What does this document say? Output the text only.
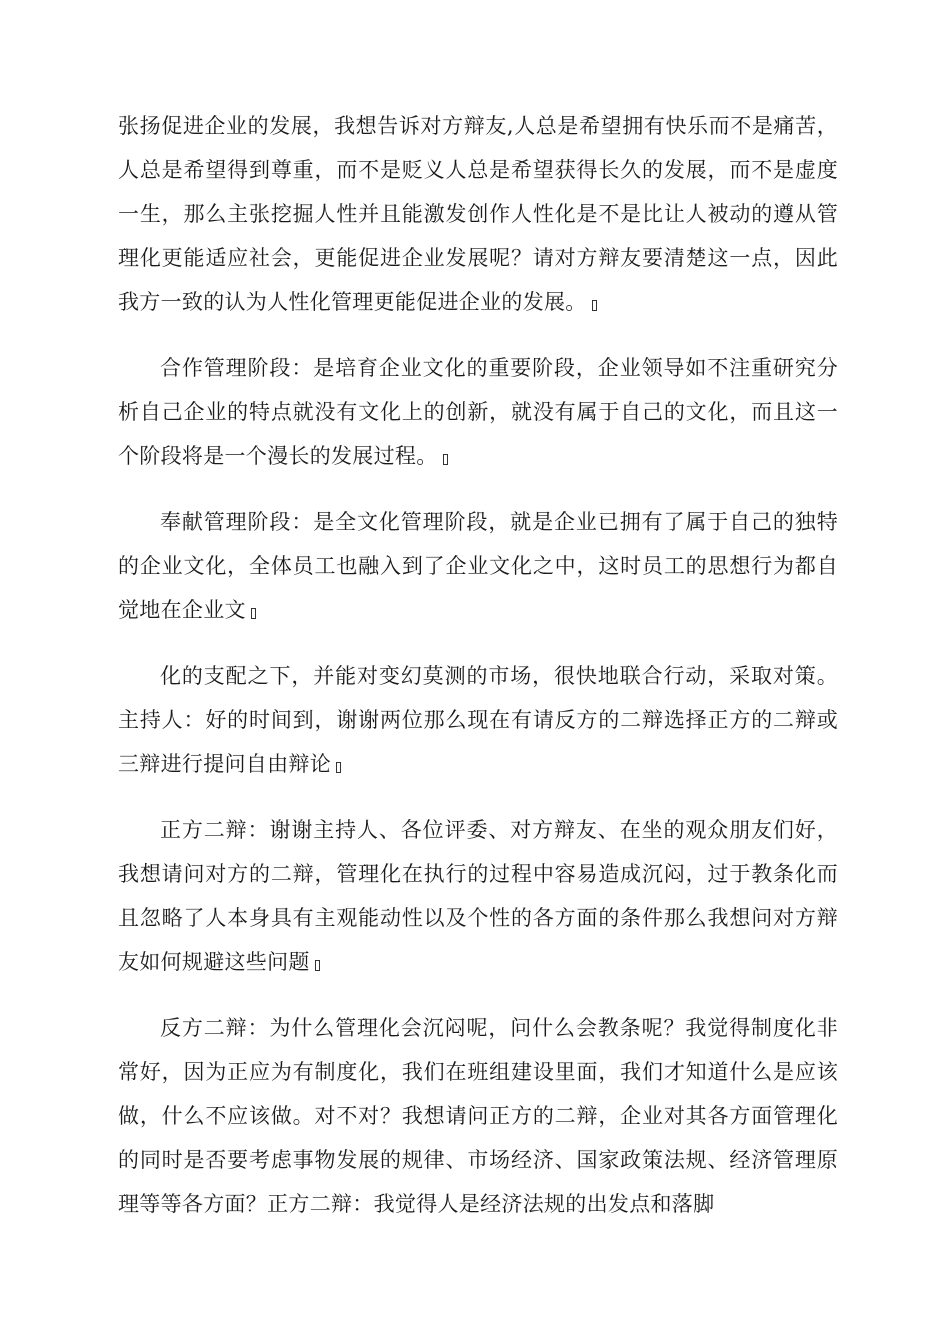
张扬促进企业的发展，我想告诉对方辩友,人总是希望拥有快乐而不是痛苦，人总是希望得到尊重，而不是贬义人总是希望获得长久的发展，而不是虚度一生，那么主张挖掘人性并且能激发创作人性化是不是比让人被动的遵从管理化更能适应社会，更能促进企业发展呢？请对方辩友要清楚这一点，因此我方一致的认为人性化管理更能促进企业的发展。

合作管理阶段：是培育企业文化的重要阶段，企业领导如不注重研究分析自己企业的特点就没有文化上的创新，就没有属于自己的文化，而且这一个阶段将是一个漫长的发展过程。

奉献管理阶段：是全文化管理阶段，就是企业已拥有了属于自己的独特的企业文化，全体员工也融入到了企业文化之中，这时员工的思想行为都自觉地在企业文

化的支配之下，并能对变幻莫测的市场，很快地联合行动，采取对策。主持人：好的时间到，谢谢两位那么现在有请反方的二辩选择正方的二辩或三辩进行提问自由辩论

正方二辩：谢谢主持人、各位评委、对方辩友、在坐的观众朋友们好，我想请问对方的二辩，管理化在执行的过程中容易造成沉闷，过于教条化而且忽略了人本身具有主观能动性以及个性的各方面的条件那么我想问对方辩友如何规避这些问题

反方二辩：为什么管理化会沉闷呢，问什么会教条呢？我觉得制度化非常好，因为正应为有制度化，我们在班组建设里面，我们才知道什么是应该做，什么不应该做。对不对？我想请问正方的二辩，企业对其各方面管理化的同时是否要考虑事物发展的规律、市场经济、国家政策法规、经济管理原理等等各方面？正方二辩：我觉得人是经济法规的出发点和落脚
